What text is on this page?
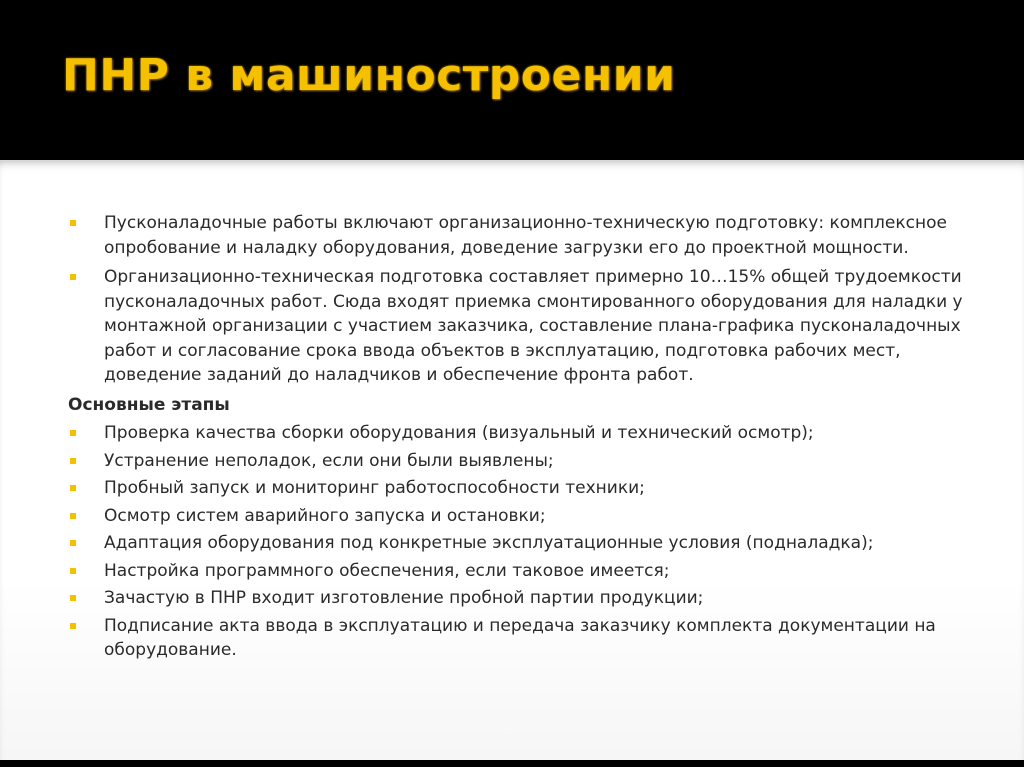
ПНР в машиностроении
Пусконаладочные работы включают организационно-техническую подготовку: комплексное опробование и наладку оборудования, доведение загрузки его до проектной мощности.
Организационно-техническая подготовка составляет примерно 10…15% общей трудоемкости пусконаладочных работ. Сюда входят приемка смонтированного оборудования для наладки у монтажной организации с участием заказчика, составление плана-графика пусконаладочных работ и согласование срока ввода объектов в эксплуатацию, подготовка рабочих мест, доведение заданий до наладчиков и обеспечение фронта работ.
Основные этапы
Проверка качества сборки оборудования (визуальный и технический осмотр);
Устранение неполадок, если они были выявлены;
Пробный запуск и мониторинг работоспособности техники;
Осмотр систем аварийного запуска и остановки;
Адаптация оборудования под конкретные эксплуатационные условия (подналадка);
Настройка программного обеспечения, если таковое имеется;
Зачастую в ПНР входит изготовление пробной партии продукции;
Подписание акта ввода в эксплуатацию и передача заказчику комплекта документации на оборудование.
